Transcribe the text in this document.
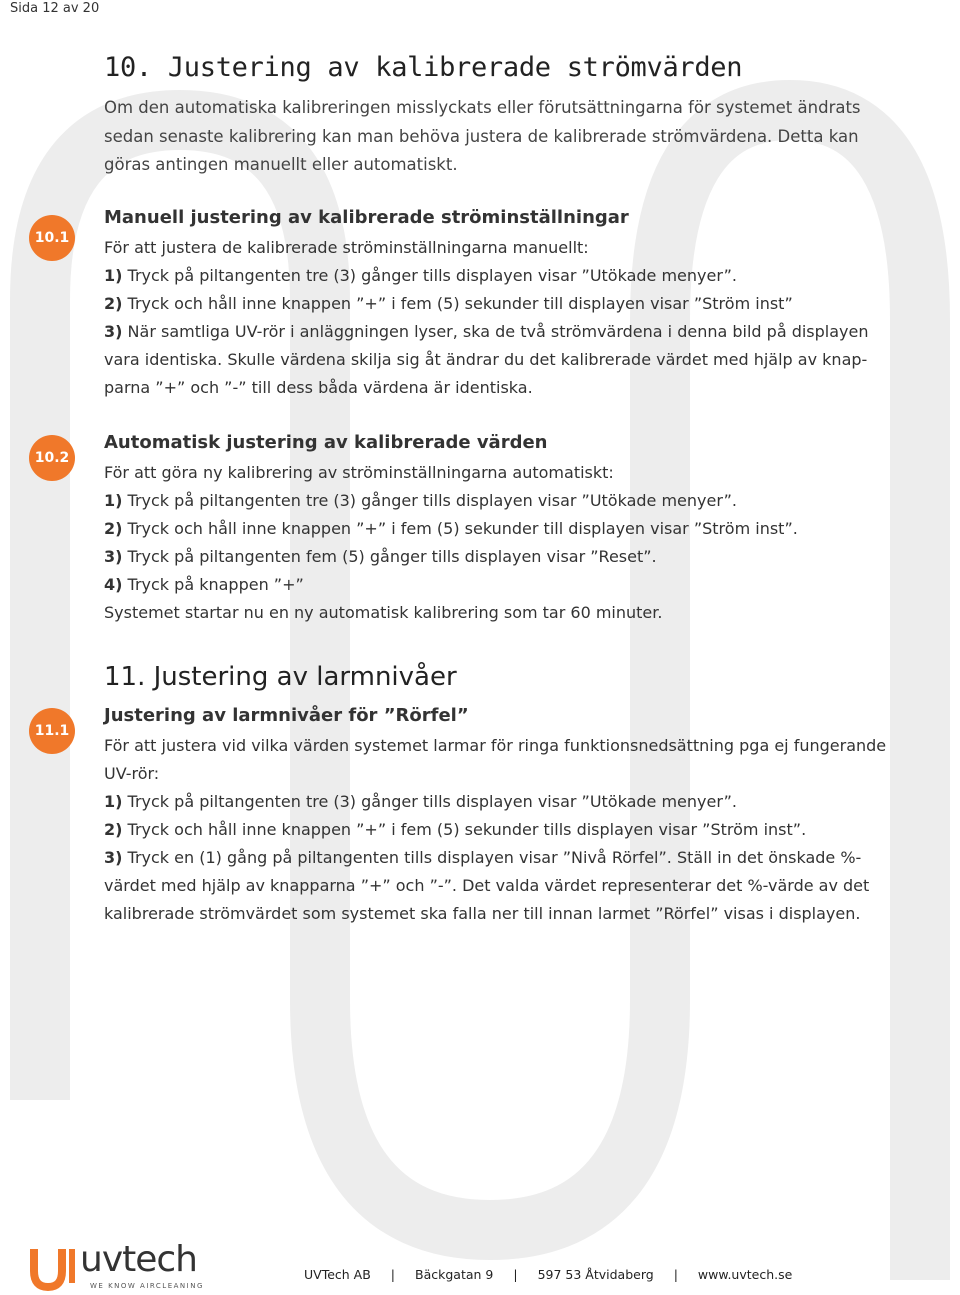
Sida 12 av 20
10. Justering av kalibrerade strömvärden
Om den automatiska kalibreringen misslyckats eller förutsättningarna för systemet ändrats sedan senaste kalibrering kan man behöva justera de kalibrerade strömvärdena. Detta kan göras antingen manuellt eller automatiskt.
10.1
Manuell justering av kalibrerade ströminställningar

För att justera de kalibrerade ströminställningarna manuellt:

1) Tryck på piltangenten tre (3) gånger tills displayen visar ”Utökade menyer”.

2) Tryck och håll inne knappen ”+” i fem (5) sekunder till displayen visar ”Ström inst”

3) När samtliga UV-rör i anläggningen lyser, ska de två strömvärdena i denna bild på displayen vara identiska. Skulle värdena skilja sig åt ändrar du det kalibrerade värdet med hjälp av knap-parna ”+” och ”-” till dess båda värdena är identiska.

10.2
Automatisk justering av kalibrerade värden

För att göra ny kalibrering av ströminställningarna automatiskt:

1) Tryck på piltangenten tre (3) gånger tills displayen visar ”Utökade menyer”.

2) Tryck och håll inne knappen ”+” i fem (5) sekunder till displayen visar ”Ström inst”.

3) Tryck på piltangenten fem (5) gånger tills displayen visar ”Reset”.

4) Tryck på knappen ”+”

Systemet startar nu en ny automatisk kalibrering som tar 60 minuter.

11. Justering av larmnivåer
11.1
Justering av larmnivåer för ”Rörfel”

För att justera vid vilka värden systemet larmar för ringa funktionsnedsättning pga ej fungerande UV-rör:

1) Tryck på piltangenten tre (3) gånger tills displayen visar ”Utökade menyer”.

2) Tryck och håll inne knappen ”+” i fem (5) sekunder tills displayen visar ”Ström inst”.

3) Tryck en (1) gång på piltangenten tills displayen visar ”Nivå Rörfel”. Ställ in det önskade %-värdet med hjälp av knapparna ”+” och ”-”. Det valda värdet representerar det %-värde av det kalibrerade strömvärdet som systemet ska falla ner till innan larmet ”Rörfel” visas i displayen.

uvtech
WE KNOW AIRCLEANING
UVTech AB | Bäckgatan 9 | 597 53 Åtvidaberg | www.uvtech.se
